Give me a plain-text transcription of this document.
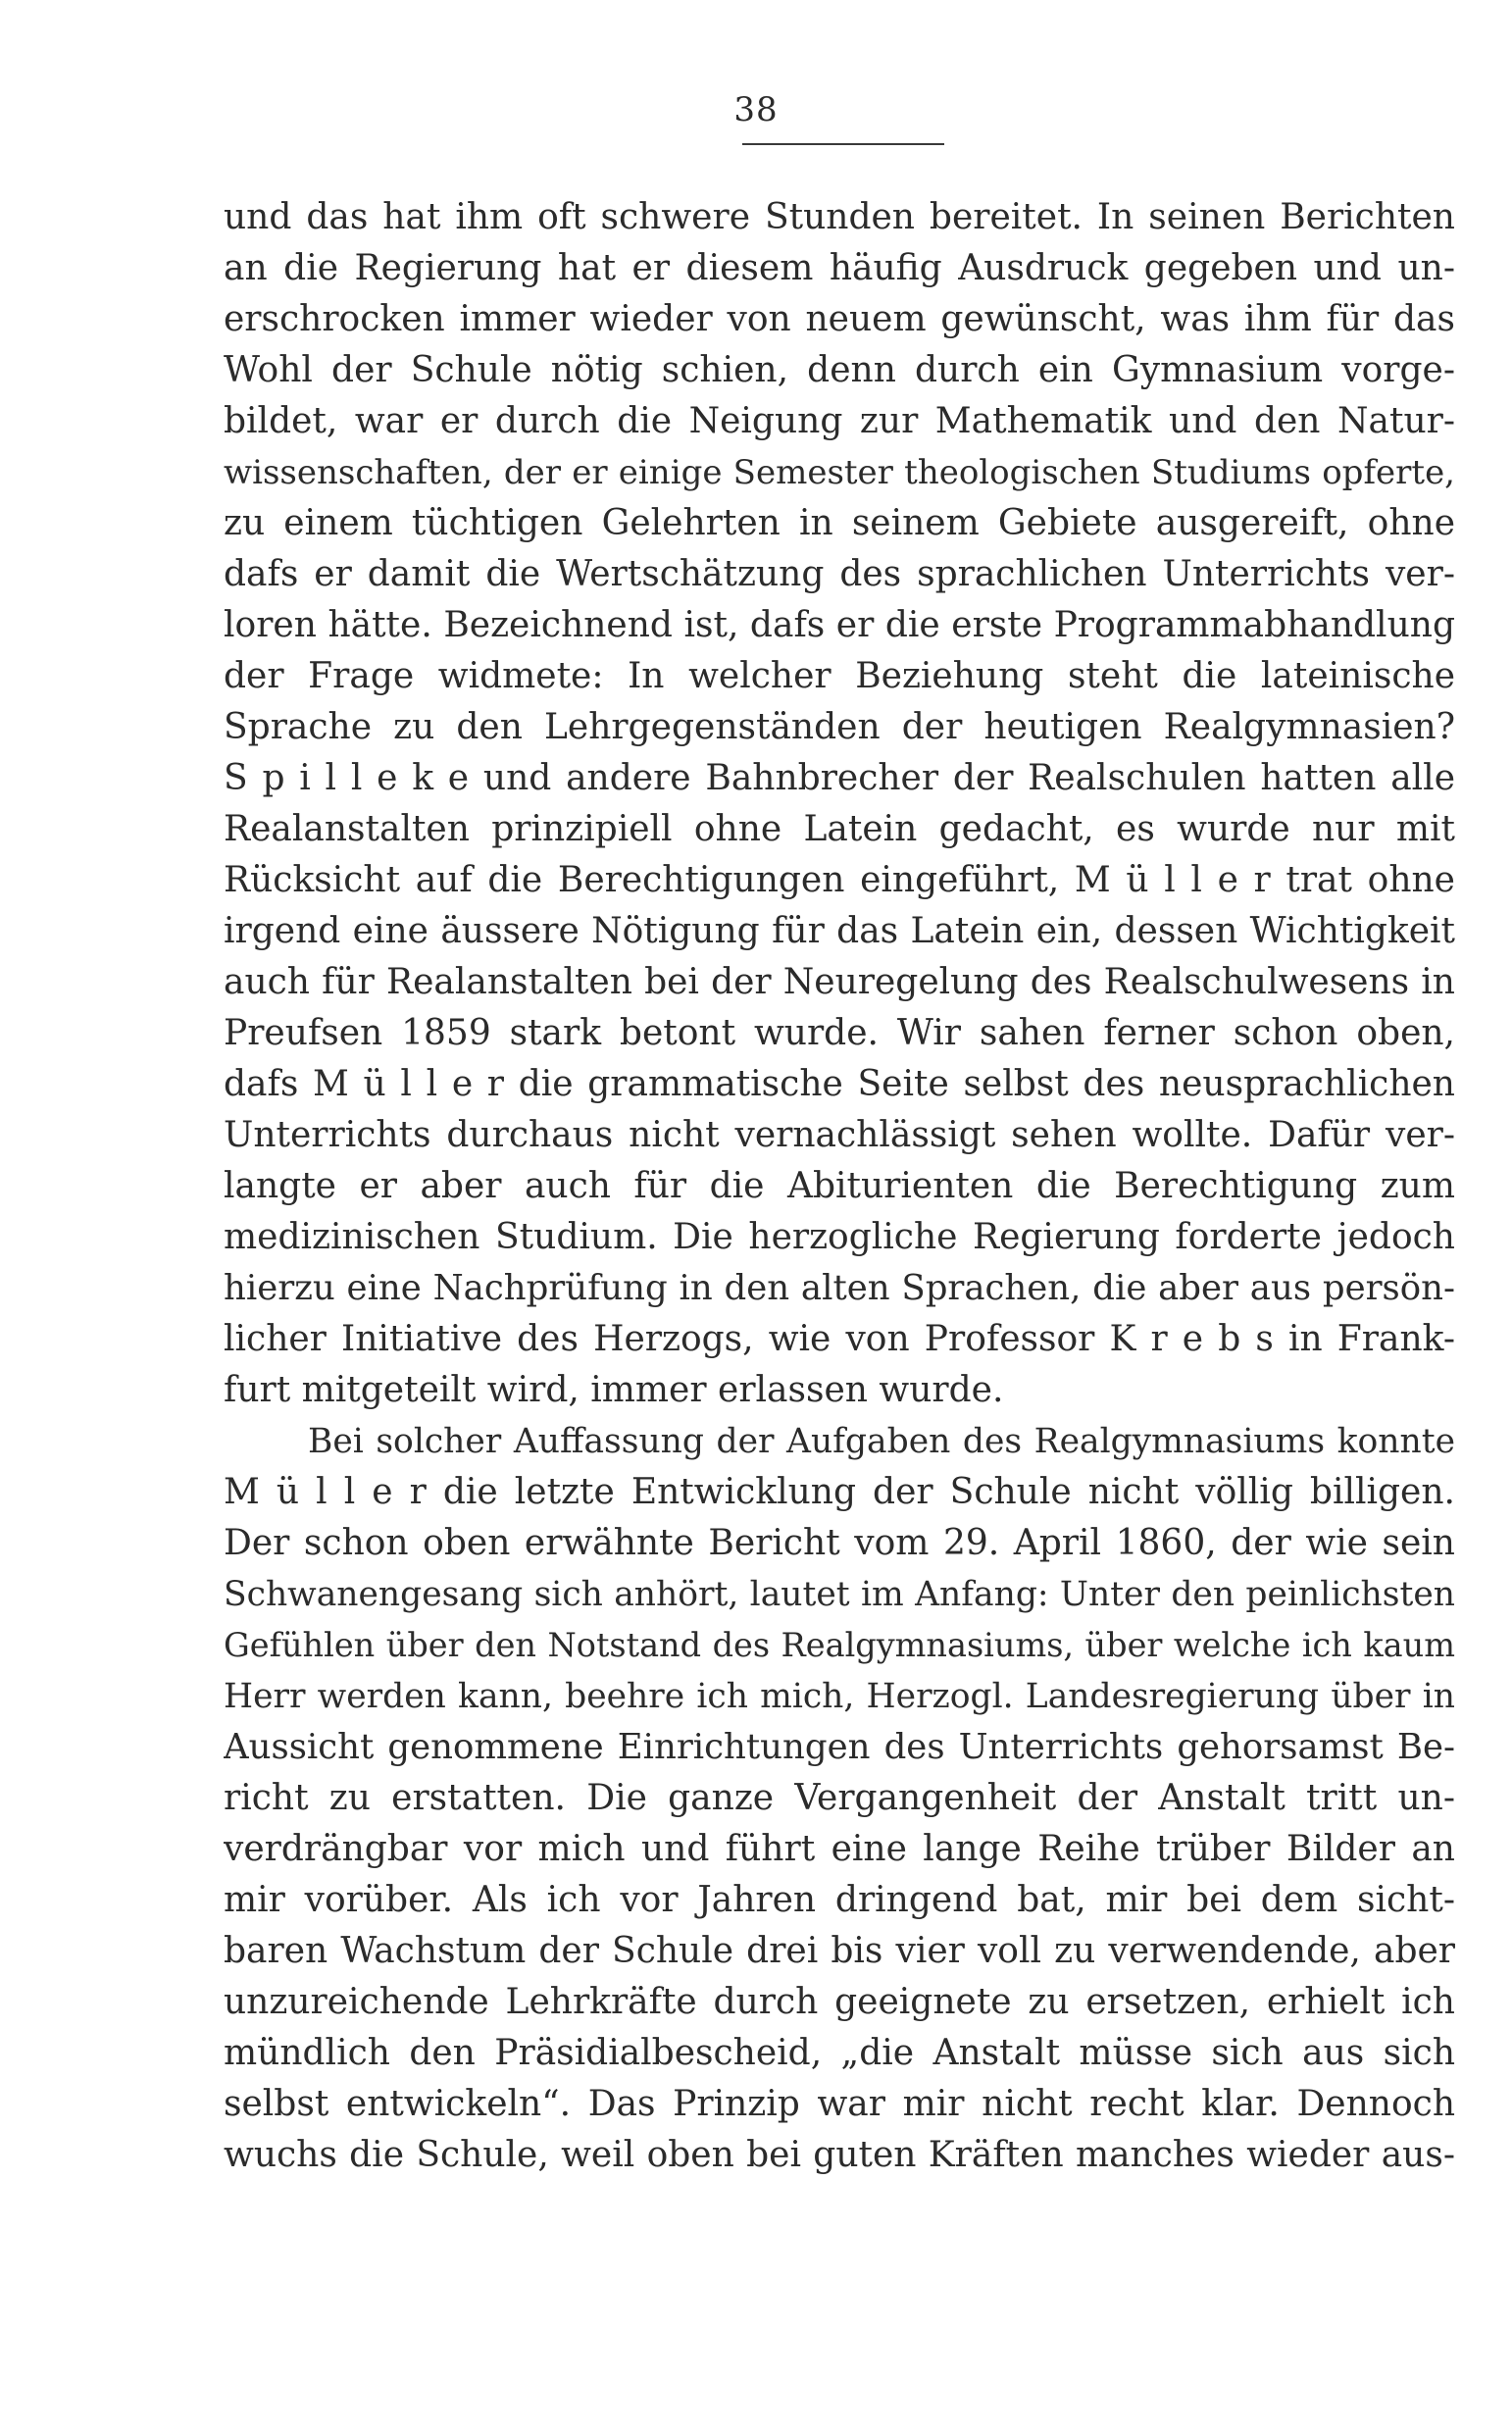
38
und das hat ihm oft schwere Stunden bereitet. In seinen Berichten
an die Regierung hat er diesem häufig Ausdruck gegeben und un-
erschrocken immer wieder von neuem gewünscht, was ihm für das
Wohl der Schule nötig schien, denn durch ein Gymnasium vorge-
bildet, war er durch die Neigung zur Mathematik und den Natur-
wissenschaften, der er einige Semester theologischen Studiums opferte,
zu einem tüchtigen Gelehrten in seinem Gebiete ausgereift, ohne
dafs er damit die Wertschätzung des sprachlichen Unterrichts ver-
loren hätte. Bezeichnend ist, dafs er die erste Programmabhandlung
der Frage widmete: In welcher Beziehung steht die lateinische
Sprache zu den Lehrgegenständen der heutigen Realgymnasien?
S p i l l e k e und andere Bahnbrecher der Realschulen hatten alle
Realanstalten prinzipiell ohne Latein gedacht, es wurde nur mit
Rücksicht auf die Berechtigungen eingeführt, M ü l l e r trat ohne
irgend eine äussere Nötigung für das Latein ein, dessen Wichtigkeit
auch für Realanstalten bei der Neuregelung des Realschulwesens in
Preufsen 1859 stark betont wurde. Wir sahen ferner schon oben,
dafs M ü l l e r die grammatische Seite selbst des neusprachlichen
Unterrichts durchaus nicht vernachlässigt sehen wollte. Dafür ver-
langte er aber auch für die Abiturienten die Berechtigung zum
medizinischen Studium. Die herzogliche Regierung forderte jedoch
hierzu eine Nachprüfung in den alten Sprachen, die aber aus persön-
licher Initiative des Herzogs, wie von Professor K r e b s in Frank-
furt mitgeteilt wird, immer erlassen wurde.
Bei solcher Auffassung der Aufgaben des Realgymnasiums konnte
M ü l l e r die letzte Entwicklung der Schule nicht völlig billigen.
Der schon oben erwähnte Bericht vom 29. April 1860, der wie sein
Schwanengesang sich anhört, lautet im Anfang: Unter den peinlichsten
Gefühlen über den Notstand des Realgymnasiums, über welche ich kaum
Herr werden kann, beehre ich mich, Herzogl. Landesregierung über in
Aussicht genommene Einrichtungen des Unterrichts gehorsamst Be-
richt zu erstatten. Die ganze Vergangenheit der Anstalt tritt un-
verdrängbar vor mich und führt eine lange Reihe trüber Bilder an
mir vorüber. Als ich vor Jahren dringend bat, mir bei dem sicht-
baren Wachstum der Schule drei bis vier voll zu verwendende, aber
unzureichende Lehrkräfte durch geeignete zu ersetzen, erhielt ich
mündlich den Präsidialbescheid, „die Anstalt müsse sich aus sich
selbst entwickeln“. Das Prinzip war mir nicht recht klar. Dennoch
wuchs die Schule, weil oben bei guten Kräften manches wieder aus-
